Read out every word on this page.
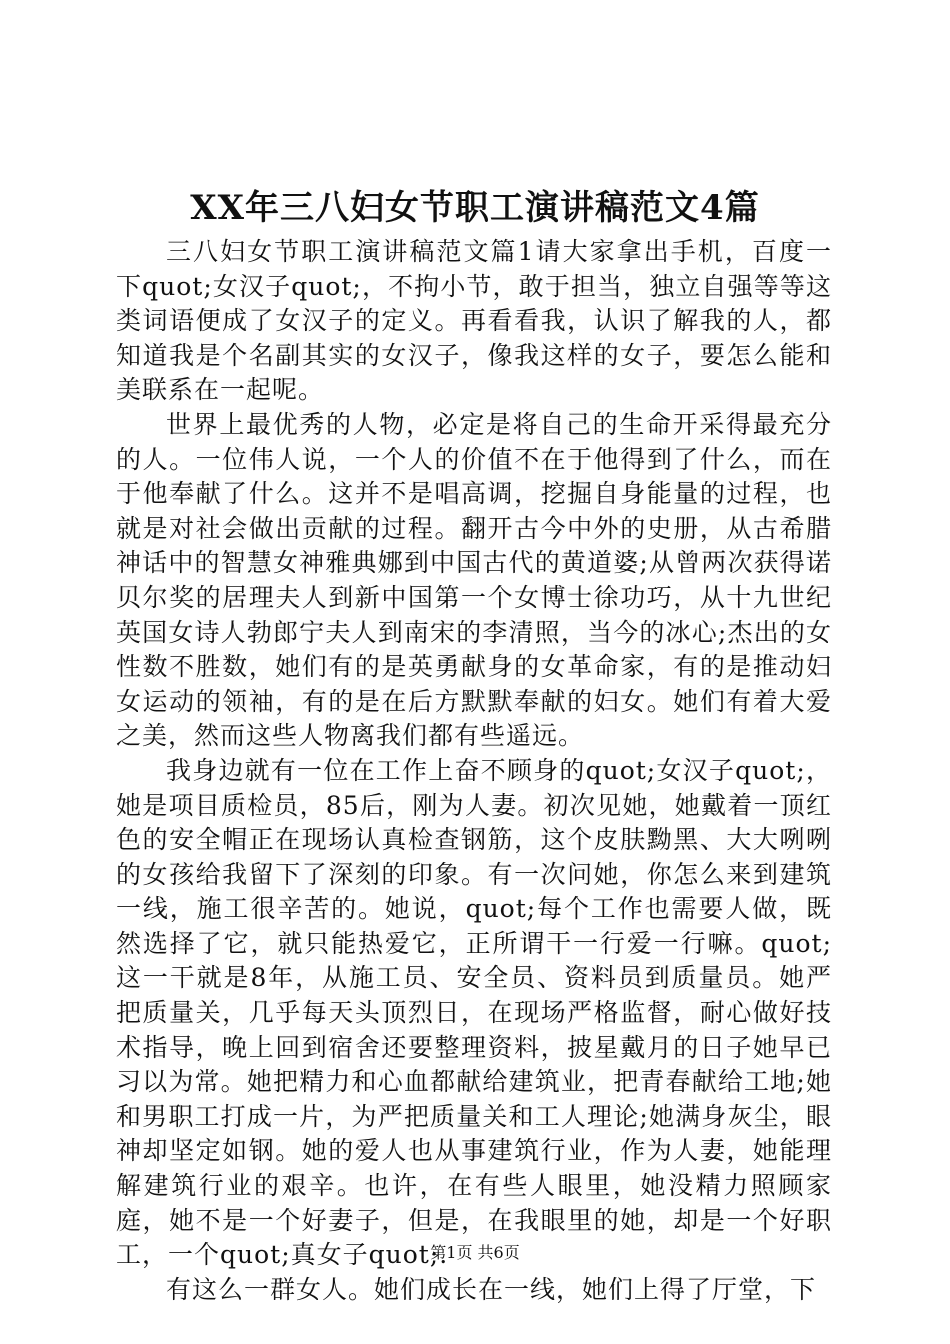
XX年三八妇女节职工演讲稿范文4篇

三八妇女节职工演讲稿范文篇1请大家拿出手机，百度一下quot;女汉子quot;，不拘小节，敢于担当，独立自强等等这类词语便成了女汉子的定义。再看看我，认识了解我的人，都知道我是个名副其实的女汉子，像我这样的女子，要怎么能和美联系在一起呢。

世界上最优秀的人物，必定是将自己的生命开采得最充分的人。一位伟人说，一个人的价值不在于他得到了什么，而在于他奉献了什么。这并不是唱高调，挖掘自身能量的过程，也就是对社会做出贡献的过程。翻开古今中外的史册，从古希腊神话中的智慧女神雅典娜到中国古代的黄道婆;从曾两次获得诺贝尔奖的居理夫人到新中国第一个女博士徐功巧，从十九世纪英国女诗人勃郎宁夫人到南宋的李清照，当今的冰心;杰出的女性数不胜数，她们有的是英勇献身的女革命家，有的是推动妇女运动的领袖，有的是在后方默默奉献的妇女。她们有着大爱之美，然而这些人物离我们都有些遥远。

我身边就有一位在工作上奋不顾身的quot;女汉子quot;，她是项目质检员，85后，刚为人妻。初次见她，她戴着一顶红色的安全帽正在现场认真检查钢筋，这个皮肤黝黑、大大咧咧的女孩给我留下了深刻的印象。有一次问她，你怎么来到建筑一线，施工很辛苦的。她说，quot;每个工作也需要人做，既然选择了它，就只能热爱它，正所谓干一行爱一行嘛。quot;这一干就是8年，从施工员、安全员、资料员到质量员。她严把质量关，几乎每天头顶烈日，在现场严格监督，耐心做好技术指导，晚上回到宿舍还要整理资料，披星戴月的日子她早已习以为常。她把精力和心血都献给建筑业，把青春献给工地;她和男职工打成一片，为严把质量关和工人理论;她满身灰尘，眼神却坚定如钢。她的爱人也从事建筑行业，作为人妻，她能理解建筑行业的艰辛。也许，在有些人眼里，她没精力照顾家庭，她不是一个好妻子，但是，在我眼里的她，却是一个好职工，一个quot;真女子quot;.

有这么一群女人。她们成长在一线，她们上得了厅堂，下

第1页 共6页
